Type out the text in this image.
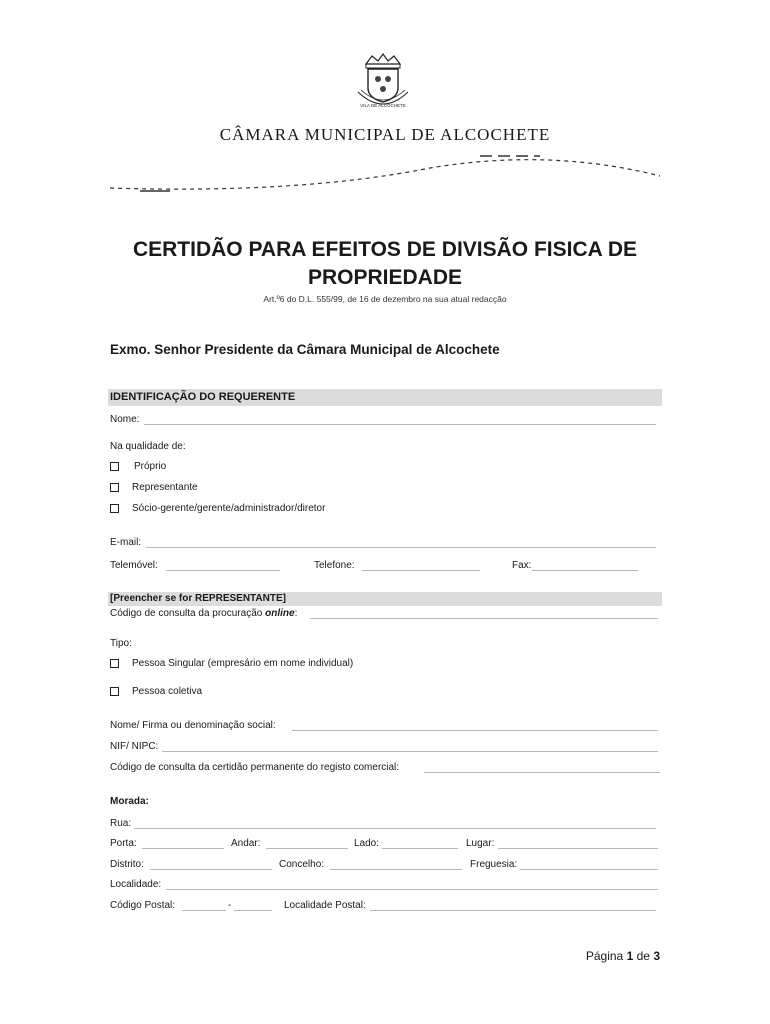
VILA DE ALCOCHETE
CÂMARA MUNICIPAL DE ALCOCHETE
CERTIDÃO PARA EFEITOS DE DIVISÃO FISICA DE
PROPRIEDADE
Art.º6 do D.L. 555/99, de 16 de dezembro na sua atual redacção
Exmo. Senhor Presidente da Câmara Municipal de Alcochete
IDENTIFICAÇÃO DO REQUERENTE
Nome:
Na qualidade de:
Próprio
Representante
Sócio-gerente/gerente/administrador/diretor
E-mail:
Telemóvel:	Telefone:	Fax:
[Preencher se for REPRESENTANTE]
Código de consulta da procuração online:
Tipo:
Pessoa Singular (empresário em nome individual)
Pessoa coletiva
Nome/ Firma ou denominação social:
NIF/ NIPC:
Código de consulta da certidão permanente do registo comercial:
Morada:
Rua:
Porta:	Andar:	Lado:	Lugar:
Distrito:	Concelho:	Freguesia:
Localidade:
Código Postal:	-	Localidade Postal:
Página 1 de 3
